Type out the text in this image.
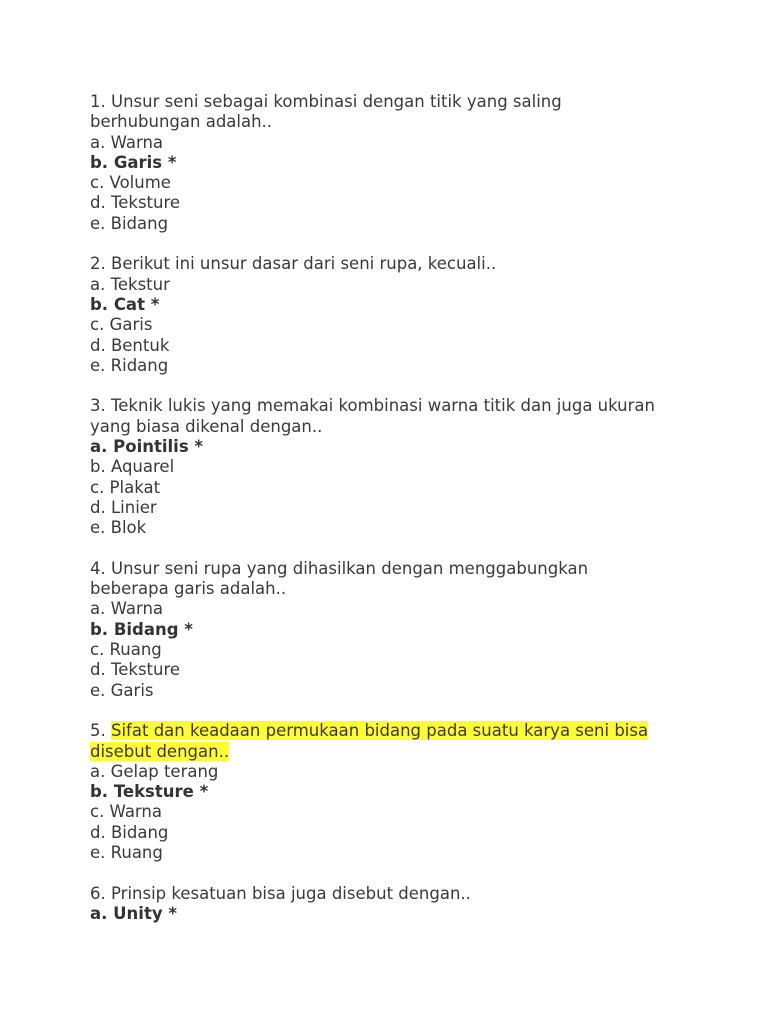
1. Unsur seni sebagai kombinasi dengan titik yang saling
berhubungan adalah..
a. Warna
b. Garis *
c. Volume
d. Teksture
e. Bidang
2. Berikut ini unsur dasar dari seni rupa, kecuali..
a. Tekstur
b. Cat *
c. Garis
d. Bentuk
e. Ridang
3. Teknik lukis yang memakai kombinasi warna titik dan juga ukuran
yang biasa dikenal dengan..
a. Pointilis *
b. Aquarel
c. Plakat
d. Linier
e. Blok
4. Unsur seni rupa yang dihasilkan dengan menggabungkan
beberapa garis adalah..
a. Warna
b. Bidang *
c. Ruang
d. Teksture
e. Garis
5. Sifat dan keadaan permukaan bidang pada suatu karya seni bisa
disebut dengan..
a. Gelap terang
b. Teksture *
c. Warna
d. Bidang
e. Ruang
6. Prinsip kesatuan bisa juga disebut dengan..
a. Unity *
